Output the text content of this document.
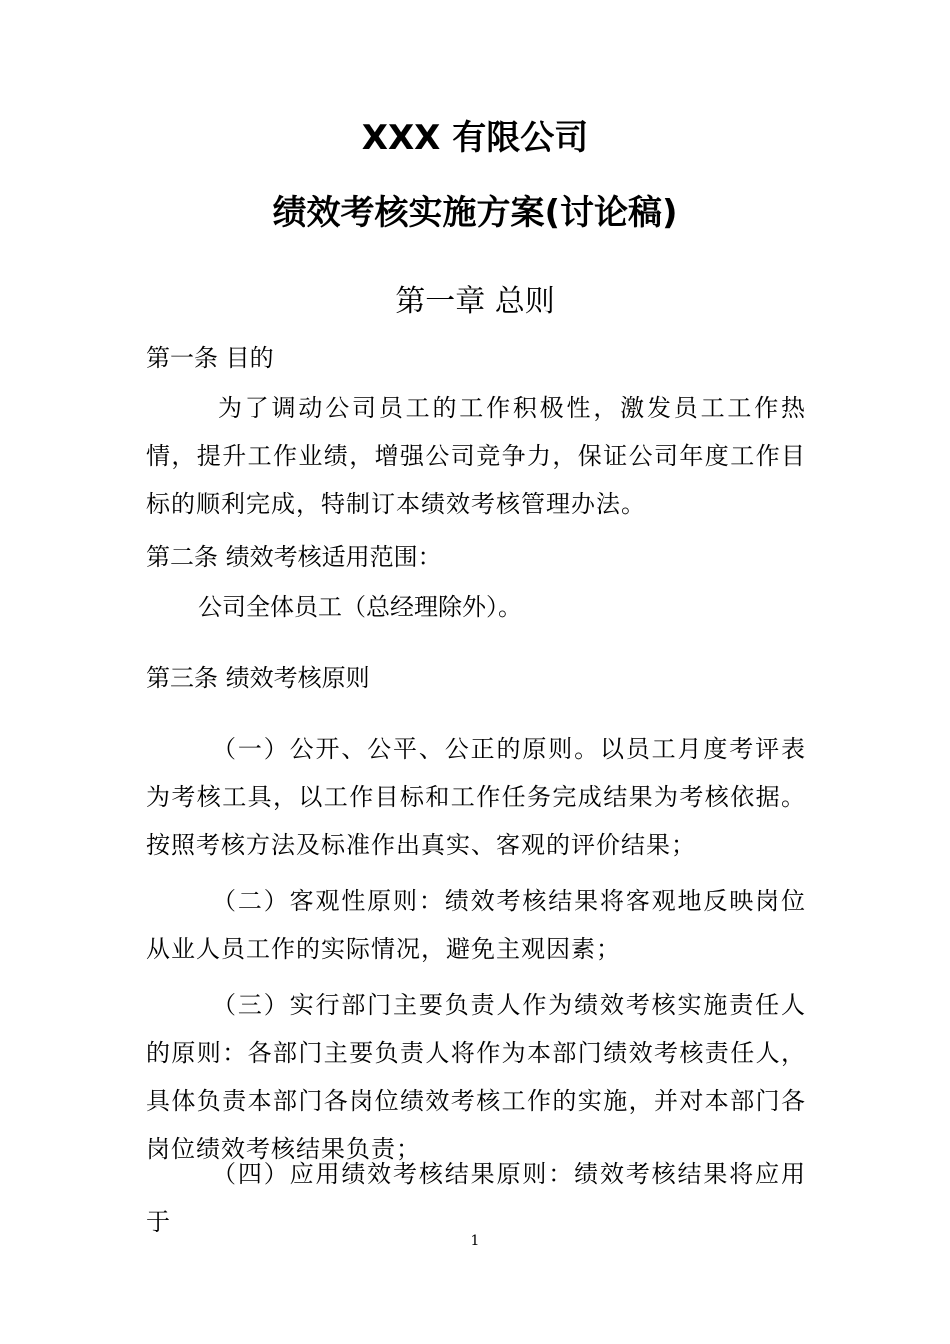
XXX 有限公司
绩效考核实施方案(讨论稿)
第一章 总则
第一条 目的
为了调动公司员工的工作积极性，激发员工工作热情，提升工作业绩，增强公司竞争力，保证公司年度工作目标的顺利完成，特制订本绩效考核管理办法。
第二条 绩效考核适用范围：
公司全体员工（总经理除外）。
第三条 绩效考核原则
（一）公开、公平、公正的原则。以员工月度考评表为考核工具，以工作目标和工作任务完成结果为考核依据。按照考核方法及标准作出真实、客观的评价结果；
（二）客观性原则：绩效考核结果将客观地反映岗位从业人员工作的实际情况，避免主观因素；
（三）实行部门主要负责人作为绩效考核实施责任人的原则：各部门主要负责人将作为本部门绩效考核责任人，具体负责本部门各岗位绩效考核工作的实施，并对本部门各岗位绩效考核结果负责；
（四）应用绩效考核结果原则：绩效考核结果将应用于
1
